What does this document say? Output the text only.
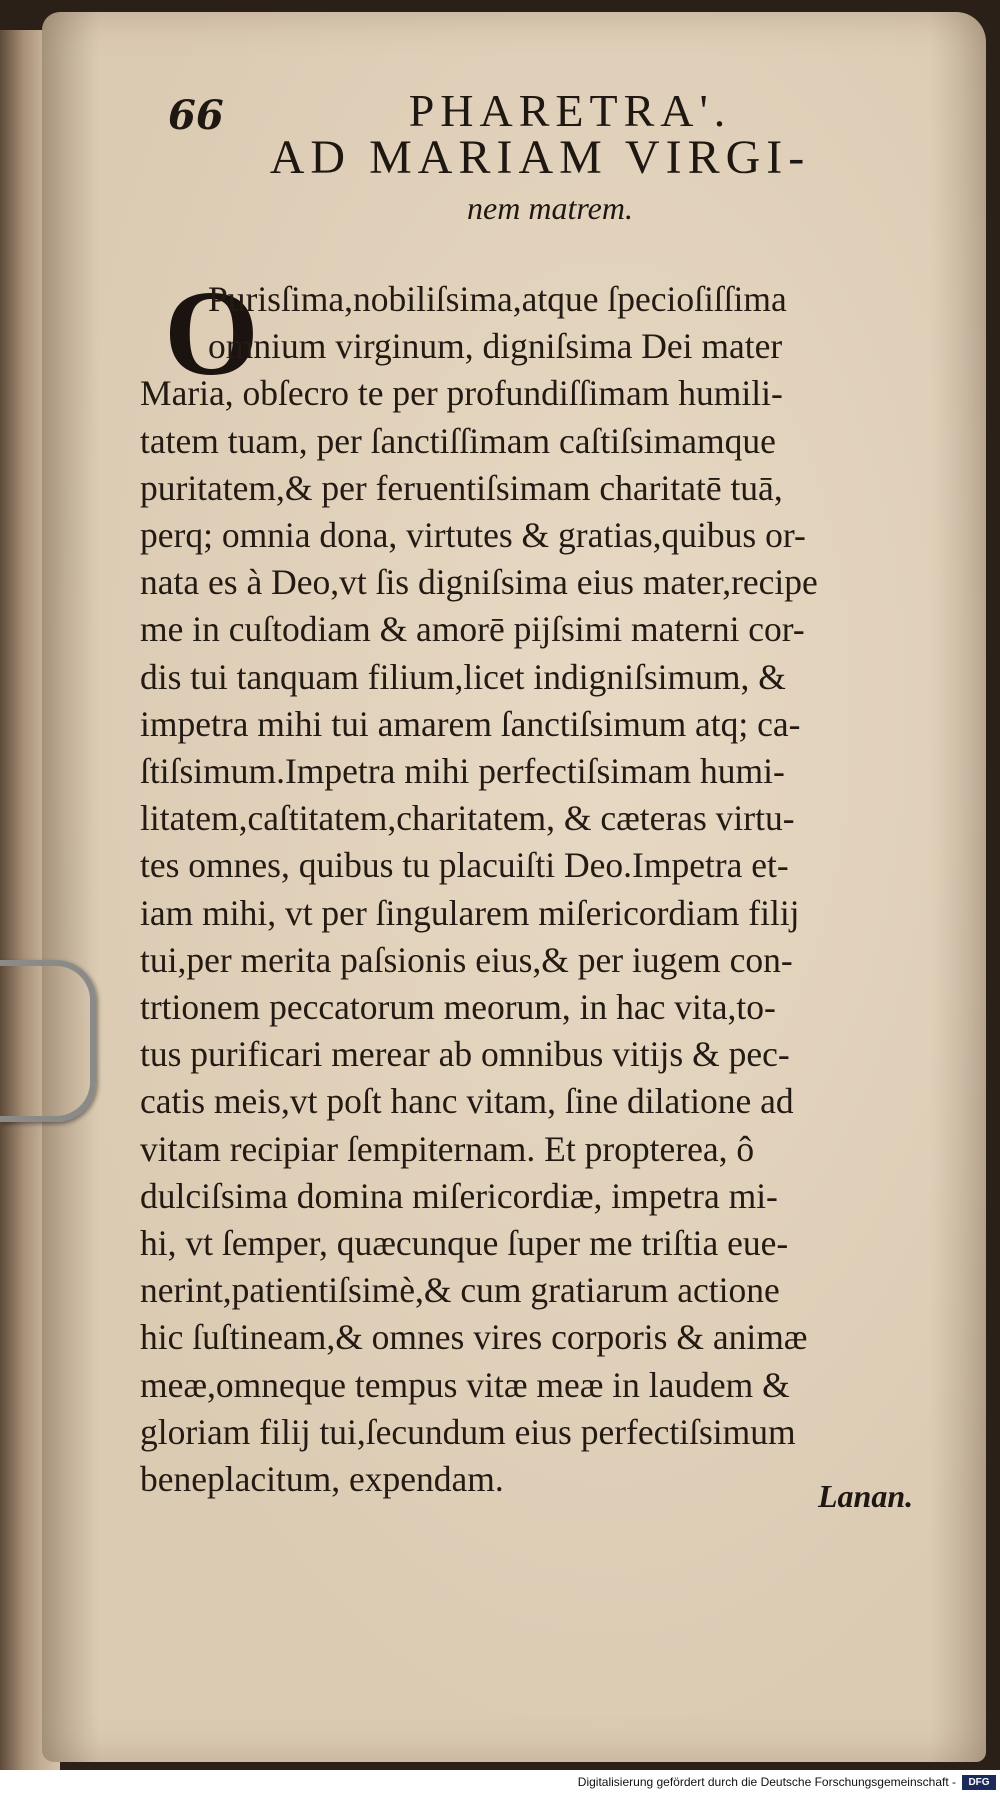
66	PHARETRA'.
AD MARIAM VIRGI-
nem matrem.
O
Purisſima,nobiliſsima,atque ſpecioſiſſima
omnium virginum, digniſsima Dei mater
Maria, obſecro te per profundiſſimam humili-
tatem tuam, per ſanctiſſimam caſtiſsimamque
puritatem,& per feruentiſsimam charitatē tuā,
perq; omnia dona, virtutes & gratias,quibus or-
nata es à Deo,vt ſis digniſsima eius mater,recipe
me in cuſtodiam & amorē pijſsimi materni cor-
dis tui tanquam filium,licet indigniſsimum, &
impetra mihi tui amarem ſanctiſsimum atq; ca-
ſtiſsimum.Impetra mihi perfectiſsimam humi-
litatem,caſtitatem,charitatem, & cæteras virtu-
tes omnes, quibus tu placuiſti Deo.Impetra et-
iam mihi, vt per ſingularem miſericordiam filij
tui,per merita paſsionis eius,& per iugem con-
trtionem peccatorum meorum, in hac vita,to-
tus purificari merear ab omnibus vitijs & pec-
catis meis,vt poſt hanc vitam, ſine dilatione ad
vitam recipiar ſempiternam. Et propterea, ô
dulciſsima domina miſericordiæ, impetra mi-
hi, vt ſemper, quæcunque ſuper me triſtia eue-
nerint,patientiſsimè,& cum gratiarum actione
hic ſuſtineam,& omnes vires corporis & animæ
meæ,omneque tempus vitæ meæ in laudem &
gloriam filij tui,ſecundum eius perfectiſsimum
beneplacitum, expendam.	Lanan.
Digitalisierung gefördert durch die Deutsche Forschungsgemeinschaft -	DFG
